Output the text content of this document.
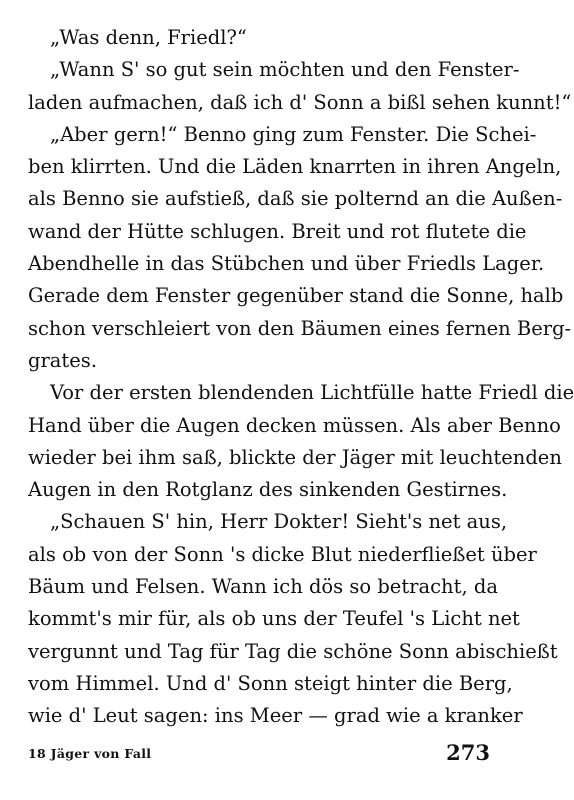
„Was denn, Friedl?“
„Wann S' so gut sein möchten und den Fenster-
laden aufmachen, daß ich d' Sonn a bißl sehen kunnt!“
„Aber gern!“ Benno ging zum Fenster. Die Schei-
ben klirrten. Und die Läden knarrten in ihren Angeln,
als Benno sie aufstieß, daß sie polternd an die Außen-
wand der Hütte schlugen. Breit und rot flutete die
Abendhelle in das Stübchen und über Friedls Lager.
Gerade dem Fenster gegenüber stand die Sonne, halb
schon verschleiert von den Bäumen eines fernen Berg-
grates.
Vor der ersten blendenden Lichtfülle hatte Friedl die
Hand über die Augen decken müssen. Als aber Benno
wieder bei ihm saß, blickte der Jäger mit leuchtenden
Augen in den Rotglanz des sinkenden Gestirnes.
„Schauen S' hin, Herr Dokter! Sieht's net aus,
als ob von der Sonn 's dicke Blut niederfließet über
Bäum und Felsen. Wann ich dös so betracht, da
kommt's mir für, als ob uns der Teufel 's Licht net
vergunnt und Tag für Tag die schöne Sonn abischießt
vom Himmel. Und d' Sonn steigt hinter die Berg,
wie d' Leut sagen: ins Meer — grad wie a kranker
18 Jäger von Fall	273
